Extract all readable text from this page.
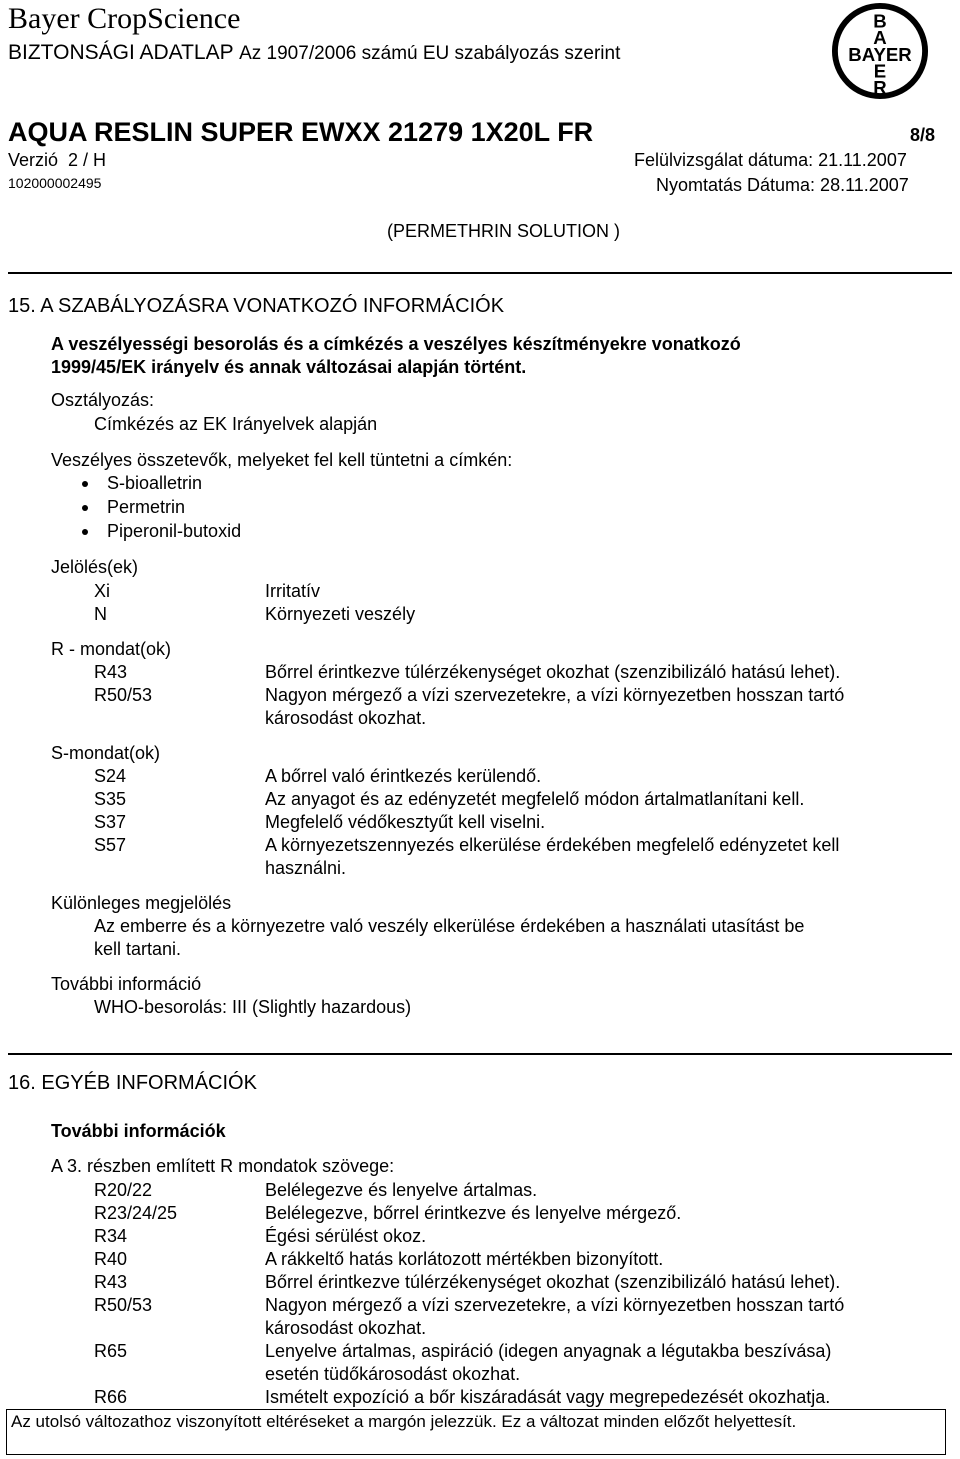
Bayer CropScience
BIZTONSÁGI ADATLAP Az 1907/2006 számú EU szabályozás szerint
B
A
BAYER
E
R
AQUA RESLIN SUPER EWXX 21279 1X20L FR	8/8
Verzió 2 / H	Felülvizsgálat dátuma: 21.11.2007
102000002495	Nyomtatás Dátuma: 28.11.2007
(PERMETHRIN SOLUTION )
15. A SZABÁLYOZÁSRA VONATKOZÓ INFORMÁCIÓK
A veszélyességi besorolás és a címkézés a veszélyes készítményekre vonatkozó
1999/45/EK irányelv és annak változásai alapján történt.
Osztályozás:
Címkézés az EK Irányelvek alapján
Veszélyes összetevők, melyeket fel kell tüntetni a címkén:
S-bioalletrin
Permetrin
Piperonil-butoxid
Jelölés(ek)
Xi	Irritatív
N	Környezeti veszély
R - mondat(ok)
R43	Bőrrel érintkezve túlérzékenységet okozhat (szenzibilizáló hatású lehet).
R50/53	Nagyon mérgező a vízi szervezetekre, a vízi környezetben hosszan tartó
károsodást okozhat.
S-mondat(ok)
S24	A bőrrel való érintkezés kerülendő.
S35	Az anyagot és az edényzetét megfelelő módon ártalmatlanítani kell.
S37	Megfelelő védőkesztyűt kell viselni.
S57	A környezetszennyezés elkerülése érdekében megfelelő edényzetet kell
használni.
Különleges megjelölés
Az emberre és a környezetre való veszély elkerülése érdekében a használati utasítást be
kell tartani.
További információ
WHO-besorolás: III (Slightly hazardous)
16. EGYÉB INFORMÁCIÓK
További információk
A 3. részben említett R mondatok szövege:
R20/22	Belélegezve és lenyelve ártalmas.
R23/24/25	Belélegezve, bőrrel érintkezve és lenyelve mérgező.
R34	Égési sérülést okoz.
R40	A rákkeltő hatás korlátozott mértékben bizonyított.
R43	Bőrrel érintkezve túlérzékenységet okozhat (szenzibilizáló hatású lehet).
R50/53	Nagyon mérgező a vízi szervezetekre, a vízi környezetben hosszan tartó
károsodást okozhat.
R65	Lenyelve ártalmas, aspiráció (idegen anyagnak a légutakba beszívása)
esetén tüdőkárosodást okozhat.
R66	Ismételt expozíció a bőr kiszáradását vagy megrepedezését okozhatja.
Az utolsó változathoz viszonyított eltéréseket a margón jelezzük. Ez a változat minden előzőt helyettesít.
